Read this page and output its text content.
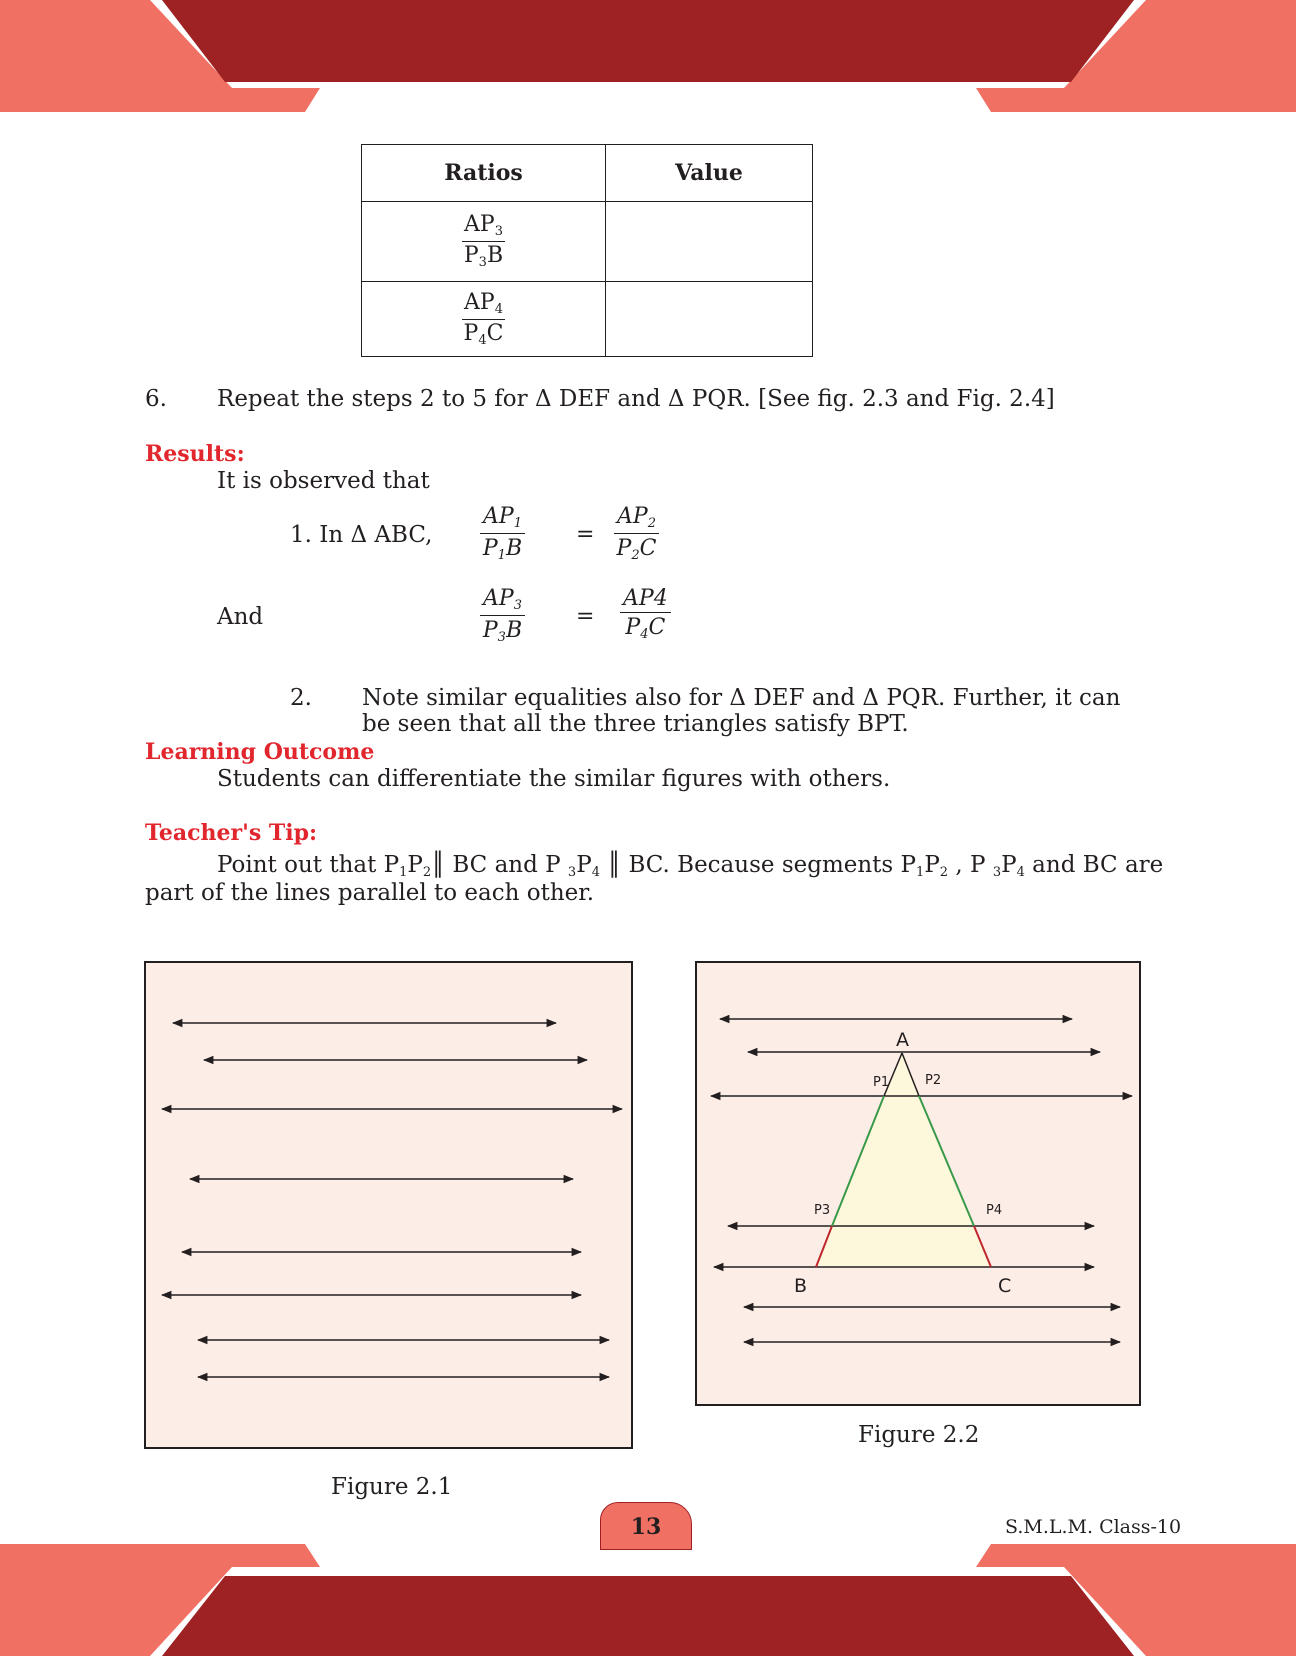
Ratios	Value

$\frac{AP_3}{P_3B}$

$\frac{AP_4}{P_4C}$

6. Repeat the steps 2 to 5 for Δ DEF and Δ PQR. [See fig. 2.3 and Fig. 2.4]
Results:
It is observed that
1. In Δ ABC, $\frac{AP_1}{P_1B} = \frac{AP_2}{P_2C}$
And	$\frac{AP_3}{P_3B} = \frac{AP4}{P_4C}$
2. Note similar equalities also for Δ DEF and Δ PQR. Further, it can
be seen that all the three triangles satisfy BPT.
Learning Outcome
Students can differentiate the similar figures with others.
Teacher's Tip:
Point out that $P_1P_2║$ BC and P $_3P_4$ ║ BC. Because segments $P_1P_2$ , P $_3P_4$ and BC are
part of the lines parallel to each other.
Figure 2.1
A
P1	P2
P3	P4
B	C
Figure 2.2
13	S.M.L.M. Class-10
